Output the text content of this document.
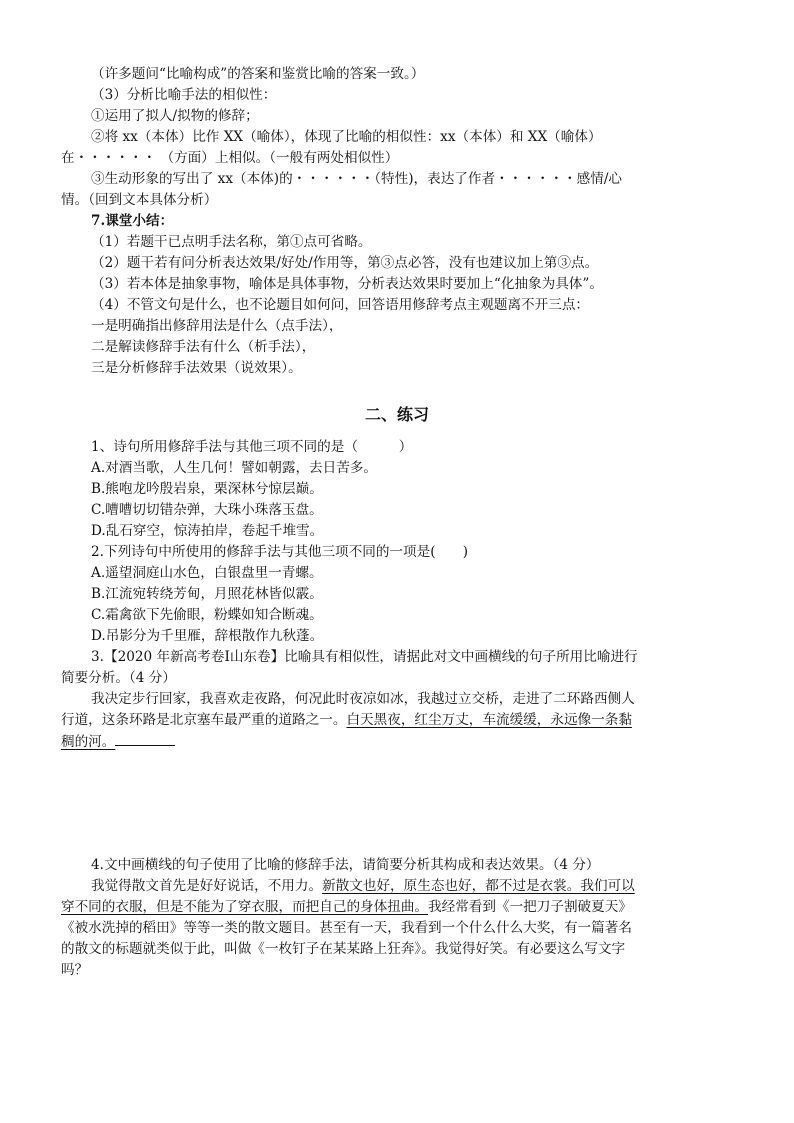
（许多题问“比喻构成”的答案和鉴赏比喻的答案一致。）
（3）分析比喻手法的相似性：
①运用了拟人/拟物的修辞；
②将 xx（本体）比作 XX（喻体），体现了比喻的相似性：xx（本体）和 XX（喻体）
在・・・・・・ （方面）上相似。（一般有两处相似性）
③生动形象的写出了 xx（本体)的・・・・・・（特性)，表达了作者・・・・・・感情/心
情。（回到文本具体分析）
7.课堂小结：
（1）若题干已点明手法名称，第①点可省略。
（2）题干若有问分析表达效果/好处/作用等，第③点必答，没有也建议加上第③点。
（3）若本体是抽象事物，喻体是具体事物，分析表达效果时要加上“化抽象为具体”。
（4）不管文句是什么，也不论题目如何问，回答语用修辞考点主观题离不开三点：
一是明确指出修辞用法是什么（点手法），
二是解读修辞手法有什么（析手法），
三是分析修辞手法效果（说效果）。
二、练习
1、诗句所用修辞手法与其他三项不同的是（　　　）
A.对酒当歌，人生几何！譬如朝露，去日苦多。
B.熊咆龙吟殷岩泉，栗深林兮惊层巅。
C.嘈嘈切切错杂弹，大珠小珠落玉盘。
D.乱石穿空，惊涛拍岸，卷起千堆雪。
2.下列诗句中所使用的修辞手法与其他三项不同的一项是(　　)
A.遥望洞庭山水色，白银盘里一青螺。
B.江流宛转绕芳甸，月照花林皆似霰。
C.霜禽欲下先偷眼，粉蝶如知合断魂。
D.吊影分为千里雁，辞根散作九秋蓬。
3.【2020 年新高考卷Ⅰ山东卷】比喻具有相似性，请据此对文中画横线的句子所用比喻进行
简要分析。（4 分）
我决定步行回家，我喜欢走夜路，何况此时夜凉如冰，我越过立交桥，走进了二环路西侧人
行道，这条环路是北京塞车最严重的道路之一。白天黑夜，红尘万丈，车流缓缓，永远像一条黏
稠的河。
4.文中画横线的句子使用了比喻的修辞手法，请简要分析其构成和表达效果。（4 分）
我觉得散文首先是好好说话，不用力。新散文也好，原生态也好，都不过是衣裳。我们可以
穿不同的衣服，但是不能为了穿衣服，而把自己的身体扭曲。我经常看到《一把刀子割破夏天》
《被水洗掉的稻田》等等一类的散文题目。甚至有一天，我看到一个什么什么大奖，有一篇著名
的散文的标题就类似于此，叫做《一枚钉子在某某路上狂奔》。我觉得好笑。有必要这么写文字
吗？
